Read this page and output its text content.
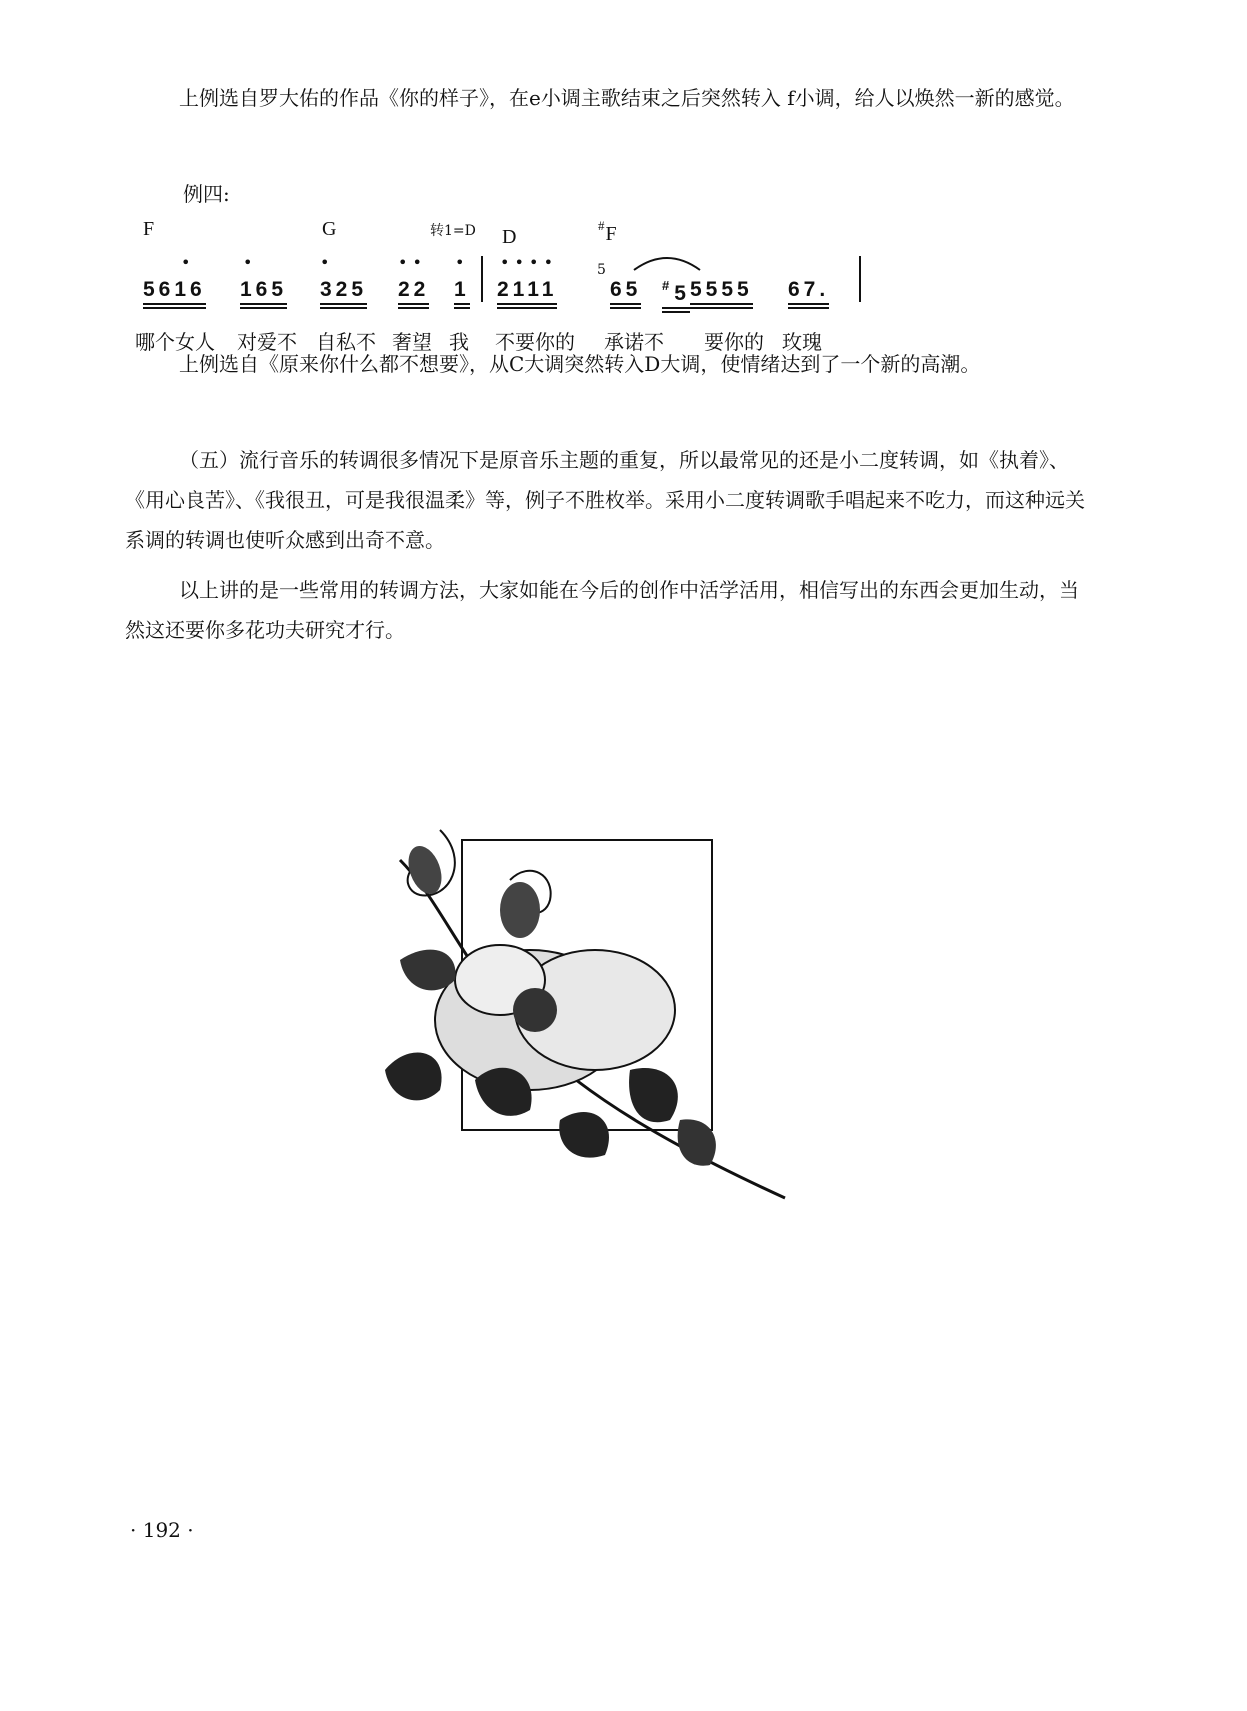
上例选自罗大佑的作品《你的样子》，在e小调主歌结束之后突然转入 f小调，给人以焕然一新的感觉。
例四:
F	G	转1=D D
#F
•	•	•	• • • • • • •
5616 165 325 22 1 2111
5
65 #5 5555 67.
哪个女人 对爱不 自私不 奢望 我 不要你的 承诺不 要你的 玫瑰
上例选自《原来你什么都不想要》，从C大调突然转入D大调，使情绪达到了一个新的高潮。
（五）流行音乐的转调很多情况下是原音乐主题的重复，所以最常见的还是小二度转调，如《执着》、《用心良苦》、《我很丑，可是我很温柔》等，例子不胜枚举。采用小二度转调歌手唱起来不吃力，而这种远关系调的转调也使听众感到出奇不意。
以上讲的是一些常用的转调方法，大家如能在今后的创作中活学活用，相信写出的东西会更加生动，当然这还要你多花功夫研究才行。
· 192 ·
